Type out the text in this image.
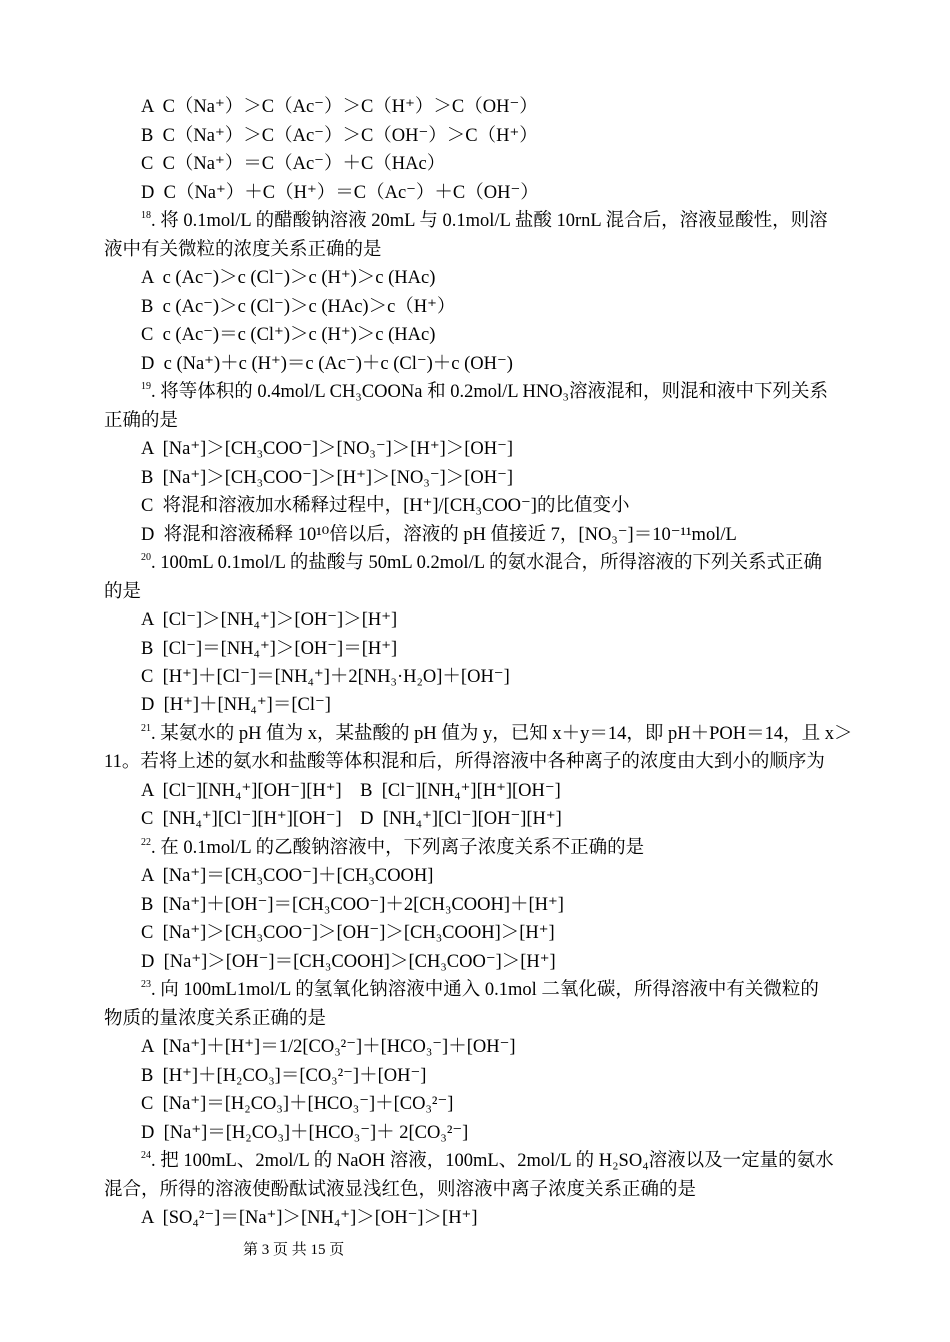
A  C（Na⁺）＞C（Ac⁻）＞C（H⁺）＞C（OH⁻）
B  C（Na⁺）＞C（Ac⁻）＞C（OH⁻）＞C（H⁺）
C  C（Na⁺）＝C（Ac⁻）＋C（HAc）
D  C（Na⁺）＋C（H⁺）＝C（Ac⁻）＋C（OH⁻）
$^{18}$. 将 0.1mol/L 的醋酸钠溶液 20mL 与 0.1mol/L 盐酸 10rnL 混合后，溶液显酸性，则溶
液中有关微粒的浓度关系正确的是
A  c (Ac⁻)＞c (Cl⁻)＞c (H⁺)＞c (HAc)
B  c (Ac⁻)＞c (Cl⁻)＞c (HAc)＞c（H⁺）
C  c (Ac⁻)＝c (Cl⁺)＞c (H⁺)＞c (HAc)
D  c (Na⁺)＋c (H⁺)＝c (Ac⁻)＋c (Cl⁻)＋c (OH⁻)
$^{19}$. 将等体积的 0.4mol/L CH₃COONa 和 0.2mol/L HNO₃溶液混和，则混和液中下列关系
正确的是
A  [Na⁺]＞[CH₃COO⁻]＞[NO₃⁻]＞[H⁺]＞[OH⁻]
B  [Na⁺]＞[CH₃COO⁻]＞[H⁺]＞[NO₃⁻]＞[OH⁻]
C  将混和溶液加水稀释过程中，[H⁺]/[CH₃COO⁻]的比值变小
D  将混和溶液稀释 10¹⁰倍以后，溶液的 pH 值接近 7，[NO₃⁻]＝10⁻¹¹mol/L
$^{20}$. 100mL 0.1mol/L 的盐酸与 50mL 0.2mol/L 的氨水混合，所得溶液的下列关系式正确
的是
A  [Cl⁻]＞[NH₄⁺]＞[OH⁻]＞[H⁺]
B  [Cl⁻]＝[NH₄⁺]＞[OH⁻]＝[H⁺]
C  [H⁺]＋[Cl⁻]＝[NH₄⁺]＋2[NH₃·H₂O]＋[OH⁻]
D  [H⁺]＋[NH₄⁺]＝[Cl⁻]
$^{21}$. 某氨水的 pH 值为 x，某盐酸的 pH 值为 y，已知 x＋y＝14，即 pH＋POH＝14，且 x＞
11。若将上述的氨水和盐酸等体积混和后，所得溶液中各种离子的浓度由大到小的顺序为
A  [Cl⁻][NH₄⁺][OH⁻][H⁺]    B  [Cl⁻][NH₄⁺][H⁺][OH⁻]
C  [NH₄⁺][Cl⁻][H⁺][OH⁻]    D  [NH₄⁺][Cl⁻][OH⁻][H⁺]
$^{22}$. 在 0.1mol/L 的乙酸钠溶液中，下列离子浓度关系不正确的是
A  [Na⁺]＝[CH₃COO⁻]＋[CH₃COOH]
B  [Na⁺]＋[OH⁻]＝[CH₃COO⁻]＋2[CH₃COOH]＋[H⁺]
C  [Na⁺]＞[CH₃COO⁻]＞[OH⁻]＞[CH₃COOH]＞[H⁺]
D  [Na⁺]＞[OH⁻]＝[CH₃COOH]＞[CH₃COO⁻]＞[H⁺]
$^{23}$. 向 100mL1mol/L 的氢氧化钠溶液中通入 0.1mol 二氧化碳，所得溶液中有关微粒的
物质的量浓度关系正确的是
A  [Na⁺]＋[H⁺]＝1/2[CO₃²⁻]＋[HCO₃⁻]＋[OH⁻]
B  [H⁺]＋[H₂CO₃]＝[CO₃²⁻]＋[OH⁻]
C  [Na⁺]＝[H₂CO₃]＋[HCO₃⁻]＋[CO₃²⁻]
D  [Na⁺]＝[H₂CO₃]＋[HCO₃⁻]＋ 2[CO₃²⁻]
$^{24}$. 把 100mL、2mol/L 的 NaOH 溶液，100mL、2mol/L 的 H₂SO₄溶液以及一定量的氨水
混合，所得的溶液使酚酞试液显浅红色，则溶液中离子浓度关系正确的是
A  [SO₄²⁻]＝[Na⁺]＞[NH₄⁺]＞[OH⁻]＞[H⁺]
第 3 页 共 15 页
